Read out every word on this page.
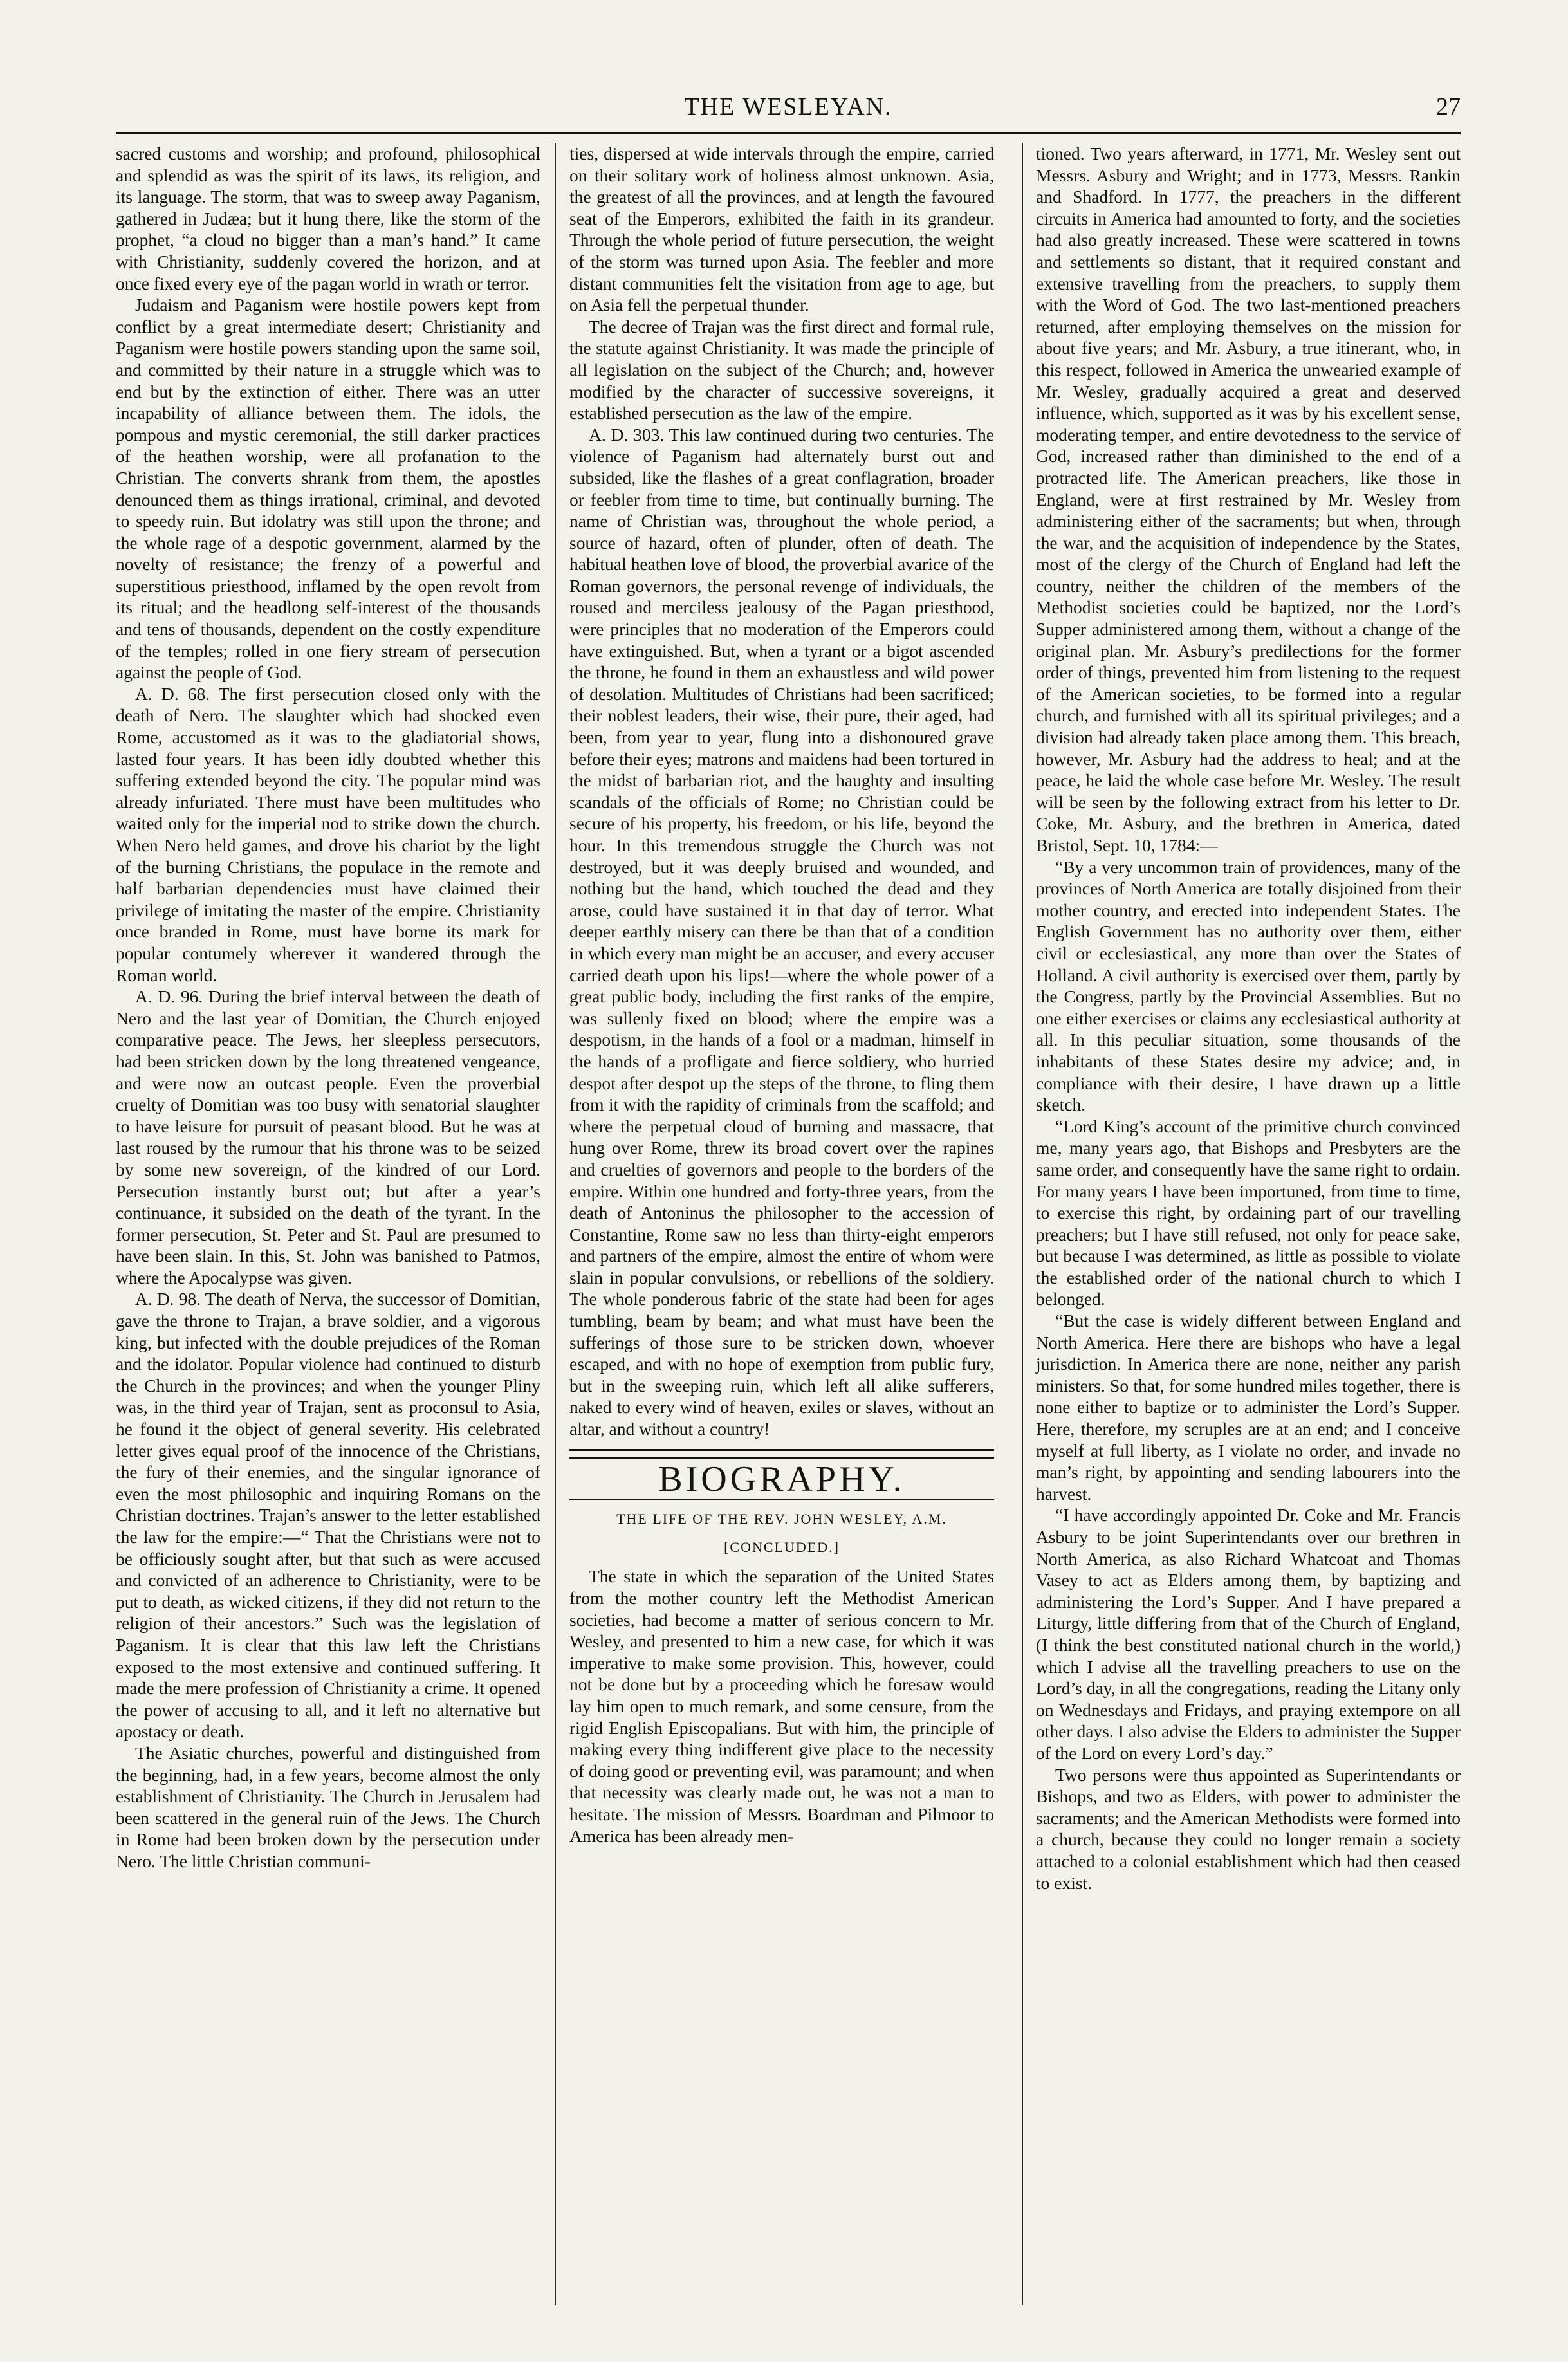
THE WESLEYAN.	27

sacred customs and worship; and profound, philosophical and splendid as was the spirit of its laws, its religion, and its language. The storm, that was to sweep away Paganism, gathered in Judæa; but it hung there, like the storm of the prophet, “a cloud no bigger than a man’s hand.” It came with Christianity, suddenly covered the horizon, and at once fixed every eye of the pagan world in wrath or terror.

Judaism and Paganism were hostile powers kept from conflict by a great intermediate desert; Christianity and Paganism were hostile powers standing upon the same soil, and committed by their nature in a struggle which was to end but by the extinction of either. There was an utter incapability of alliance between them. The idols, the pompous and mystic ceremonial, the still darker practices of the heathen worship, were all profanation to the Christian. The converts shrank from them, the apostles denounced them as things irrational, criminal, and devoted to speedy ruin. But idolatry was still upon the throne; and the whole rage of a despotic government, alarmed by the novelty of resistance; the frenzy of a powerful and superstitious priesthood, inflamed by the open revolt from its ritual; and the headlong self-interest of the thousands and tens of thousands, dependent on the costly expenditure of the temples; rolled in one fiery stream of persecution against the people of God.

A. D. 68. The first persecution closed only with the death of Nero. The slaughter which had shocked even Rome, accustomed as it was to the gladiatorial shows, lasted four years. It has been idly doubted whether this suffering extended beyond the city. The popular mind was already infuriated. There must have been multitudes who waited only for the imperial nod to strike down the church. When Nero held games, and drove his chariot by the light of the burning Christians, the populace in the remote and half barbarian dependencies must have claimed their privilege of imitating the master of the empire. Christianity once branded in Rome, must have borne its mark for popular contumely wherever it wandered through the Roman world.

A. D. 96. During the brief interval between the death of Nero and the last year of Domitian, the Church enjoyed comparative peace. The Jews, her sleepless persecutors, had been stricken down by the long threatened vengeance, and were now an outcast people. Even the proverbial cruelty of Domitian was too busy with senatorial slaughter to have leisure for pursuit of peasant blood. But he was at last roused by the rumour that his throne was to be seized by some new sovereign, of the kindred of our Lord. Persecution instantly burst out; but after a year’s continuance, it subsided on the death of the tyrant. In the former persecution, St. Peter and St. Paul are presumed to have been slain. In this, St. John was banished to Patmos, where the Apocalypse was given.

A. D. 98. The death of Nerva, the successor of Domitian, gave the throne to Trajan, a brave soldier, and a vigorous king, but infected with the double prejudices of the Roman and the idolator. Popular violence had continued to disturb the Church in the provinces; and when the younger Pliny was, in the third year of Trajan, sent as proconsul to Asia, he found it the object of general severity. His celebrated letter gives equal proof of the innocence of the Christians, the fury of their enemies, and the singular ignorance of even the most philosophic and inquiring Romans on the Christian doctrines. Trajan’s answer to the letter established the law for the empire:—“ That the Christians were not to be officiously sought after, but that such as were accused and convicted of an adherence to Christianity, were to be put to death, as wicked citizens, if they did not return to the religion of their ancestors.” Such was the legislation of Paganism. It is clear that this law left the Christians exposed to the most extensive and continued suffering. It made the mere profession of Christianity a crime. It opened the power of accusing to all, and it left no alternative but apostacy or death.

The Asiatic churches, powerful and distinguished from the beginning, had, in a few years, become almost the only establishment of Christianity. The Church in Jerusalem had been scattered in the general ruin of the Jews. The Church in Rome had been broken down by the persecution under Nero. The little Christian communi-

ties, dispersed at wide intervals through the empire, carried on their solitary work of holiness almost unknown. Asia, the greatest of all the provinces, and at length the favoured seat of the Emperors, exhibited the faith in its grandeur. Through the whole period of future persecution, the weight of the storm was turned upon Asia. The feebler and more distant communities felt the visitation from age to age, but on Asia fell the perpetual thunder.

The decree of Trajan was the first direct and formal rule, the statute against Christianity. It was made the principle of all legislation on the subject of the Church; and, however modified by the character of successive sovereigns, it established persecution as the law of the empire.

A. D. 303. This law continued during two centuries. The violence of Paganism had alternately burst out and subsided, like the flashes of a great conflagration, broader or feebler from time to time, but continually burning. The name of Christian was, throughout the whole period, a source of hazard, often of plunder, often of death. The habitual heathen love of blood, the proverbial avarice of the Roman governors, the personal revenge of individuals, the roused and merciless jealousy of the Pagan priesthood, were principles that no moderation of the Emperors could have extinguished. But, when a tyrant or a bigot ascended the throne, he found in them an exhaustless and wild power of desolation. Multitudes of Christians had been sacrificed; their noblest leaders, their wise, their pure, their aged, had been, from year to year, flung into a dishonoured grave before their eyes; matrons and maidens had been tortured in the midst of barbarian riot, and the haughty and insulting scandals of the officials of Rome; no Christian could be secure of his property, his freedom, or his life, beyond the hour. In this tremendous struggle the Church was not destroyed, but it was deeply bruised and wounded, and nothing but the hand, which touched the dead and they arose, could have sustained it in that day of terror. What deeper earthly misery can there be than that of a condition in which every man might be an accuser, and every accuser carried death upon his lips!—where the whole power of a great public body, including the first ranks of the empire, was sullenly fixed on blood; where the empire was a despotism, in the hands of a fool or a madman, himself in the hands of a profligate and fierce soldiery, who hurried despot after despot up the steps of the throne, to fling them from it with the rapidity of criminals from the scaffold; and where the perpetual cloud of burning and massacre, that hung over Rome, threw its broad covert over the rapines and cruelties of governors and people to the borders of the empire. Within one hundred and forty-three years, from the death of Antoninus the philosopher to the accession of Constantine, Rome saw no less than thirty-eight emperors and partners of the empire, almost the entire of whom were slain in popular convulsions, or rebellions of the soldiery. The whole ponderous fabric of the state had been for ages tumbling, beam by beam; and what must have been the sufferings of those sure to be stricken down, whoever escaped, and with no hope of exemption from public fury, but in the sweeping ruin, which left all alike sufferers, naked to every wind of heaven, exiles or slaves, without an altar, and without a country!

BIOGRAPHY.
THE LIFE OF THE REV. JOHN WESLEY, A.M.
[CONCLUDED.]

The state in which the separation of the United States from the mother country left the Methodist American societies, had become a matter of serious concern to Mr. Wesley, and presented to him a new case, for which it was imperative to make some provision. This, however, could not be done but by a proceeding which he foresaw would lay him open to much remark, and some censure, from the rigid English Episcopalians. But with him, the principle of making every thing indifferent give place to the necessity of doing good or preventing evil, was paramount; and when that necessity was clearly made out, he was not a man to hesitate. The mission of Messrs. Boardman and Pilmoor to America has been already men-

tioned. Two years afterward, in 1771, Mr. Wesley sent out Messrs. Asbury and Wright; and in 1773, Messrs. Rankin and Shadford. In 1777, the preachers in the different circuits in America had amounted to forty, and the societies had also greatly increased. These were scattered in towns and settlements so distant, that it required constant and extensive travelling from the preachers, to supply them with the Word of God. The two last-mentioned preachers returned, after employing themselves on the mission for about five years; and Mr. Asbury, a true itinerant, who, in this respect, followed in America the unwearied example of Mr. Wesley, gradually acquired a great and deserved influence, which, supported as it was by his excellent sense, moderating temper, and entire devotedness to the service of God, increased rather than diminished to the end of a protracted life. The American preachers, like those in England, were at first restrained by Mr. Wesley from administering either of the sacraments; but when, through the war, and the acquisition of independence by the States, most of the clergy of the Church of England had left the country, neither the children of the members of the Methodist societies could be baptized, nor the Lord’s Supper administered among them, without a change of the original plan. Mr. Asbury’s predilections for the former order of things, prevented him from listening to the request of the American societies, to be formed into a regular church, and furnished with all its spiritual privileges; and a division had already taken place among them. This breach, however, Mr. Asbury had the address to heal; and at the peace, he laid the whole case before Mr. Wesley. The result will be seen by the following extract from his letter to Dr. Coke, Mr. Asbury, and the brethren in America, dated Bristol, Sept. 10, 1784:—

“By a very uncommon train of providences, many of the provinces of North America are totally disjoined from their mother country, and erected into independent States. The English Government has no authority over them, either civil or ecclesiastical, any more than over the States of Holland. A civil authority is exercised over them, partly by the Congress, partly by the Provincial Assemblies. But no one either exercises or claims any ecclesiastical authority at all. In this peculiar situation, some thousands of the inhabitants of these States desire my advice; and, in compliance with their desire, I have drawn up a little sketch.

“Lord King’s account of the primitive church convinced me, many years ago, that Bishops and Presbyters are the same order, and consequently have the same right to ordain. For many years I have been importuned, from time to time, to exercise this right, by ordaining part of our travelling preachers; but I have still refused, not only for peace sake, but because I was determined, as little as possible to violate the established order of the national church to which I belonged.

“But the case is widely different between England and North America. Here there are bishops who have a legal jurisdiction. In America there are none, neither any parish ministers. So that, for some hundred miles together, there is none either to baptize or to administer the Lord’s Supper. Here, therefore, my scruples are at an end; and I conceive myself at full liberty, as I violate no order, and invade no man’s right, by appointing and sending labourers into the harvest.

“I have accordingly appointed Dr. Coke and Mr. Francis Asbury to be joint Superintendants over our brethren in North America, as also Richard Whatcoat and Thomas Vasey to act as Elders among them, by baptizing and administering the Lord’s Supper. And I have prepared a Liturgy, little differing from that of the Church of England, (I think the best constituted national church in the world,) which I advise all the travelling preachers to use on the Lord’s day, in all the congregations, reading the Litany only on Wednesdays and Fridays, and praying extempore on all other days. I also advise the Elders to administer the Supper of the Lord on every Lord’s day.”

Two persons were thus appointed as Superintendants or Bishops, and two as Elders, with power to administer the sacraments; and the American Methodists were formed into a church, because they could no longer remain a society attached to a colonial establishment which had then ceased to exist.
